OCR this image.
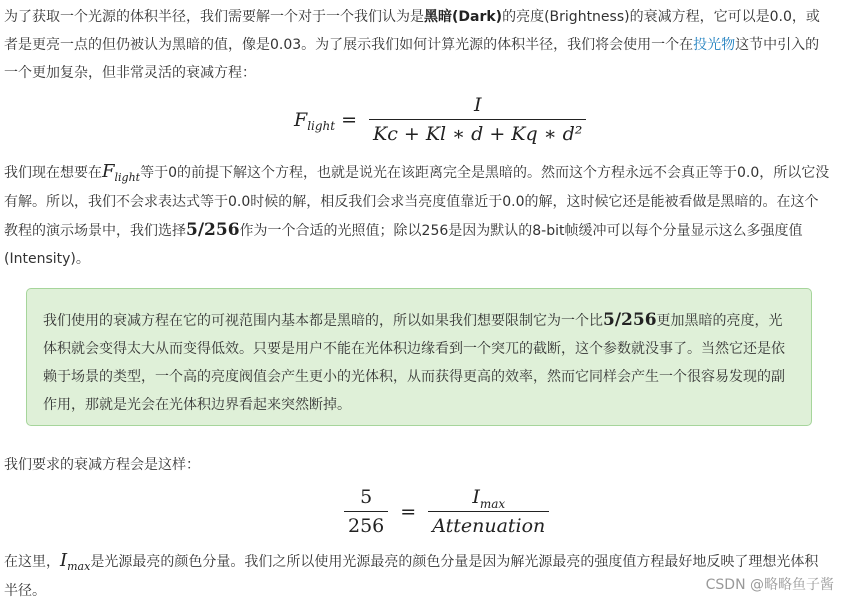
为了获取一个光源的体积半径，我们需要解一个对于一个我们认为是黑暗(Dark)的亮度(Brightness)的衰减方程，它可以是0.0，或者是更亮一点的但仍被认为黑暗的值，像是0.03。为了展示我们如何计算光源的体积半径，我们将会使用一个在投光物这节中引入的一个更加复杂，但非常灵活的衰减方程：

F light = $\frac{I}{\text{Kc + Kl ∗ d + Kq ∗ d²}}$

我们现在想要在$F_{light}$等于0的前提下解这个方程，也就是说光在该距离完全是黑暗的。然而这个方程永远不会真正等于0.0，所以它没有解。所以，我们不会求表达式等于0.0时候的解，相反我们会求当亮度值靠近于0.0的解，这时候它还是能被看做是黑暗的。在这个教程的演示场景中，我们选择5/256作为一个合适的光照值；除以256是因为默认的8-bit帧缓冲可以每个分量显示这么多强度值(Intensity)。

我们使用的衰减方程在它的可视范围内基本都是黑暗的，所以如果我们想要限制它为一个比5/256更加黑暗的亮度，光体积就会变得太大从而变得低效。只要是用户不能在光体积边缘看到一个突兀的截断，这个参数就没事了。当然它还是依赖于场景的类型，一个高的亮度阀值会产生更小的光体积，从而获得更高的效率，然而它同样会产生一个很容易发现的副作用，那就是光会在光体积边界看起来突然断掉。

我们要求的衰减方程会是这样：

$\frac{5}{256} = \frac{I_{max}}{\text{Attenuation}}$

在这里，$I_{max}$是光源最亮的颜色分量。我们之所以使用光源最亮的颜色分量是因为解光源最亮的强度值方程最好地反映了理想光体积半径。	CSDN @略略鱼子酱
